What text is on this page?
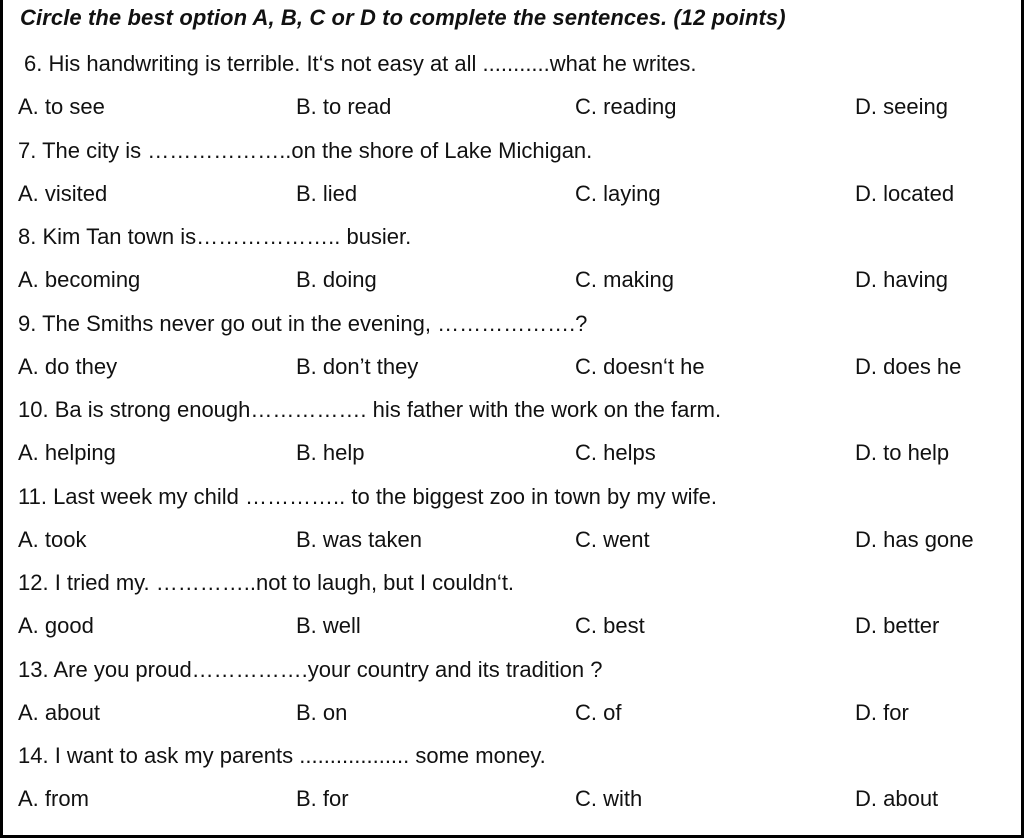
Circle the best option A, B, C or D to complete the sentences. (12 points)
6. His handwriting is terrible. It‘s not easy at all ...........what he writes.
A. to see	B. to read	C. reading	D. seeing
7. The city is ………………..on the shore of Lake Michigan.
A. visited	B. lied	C. laying	D. located
8. Kim Tan town is……………….. busier.
A. becoming	B. doing	C. making	D. having
9. The Smiths never go out in the evening, ……………….?
A. do they	B. don’t they	C. doesn‘t he	D. does he
10. Ba is strong enough……………. his father with the work on the farm.
A. helping	B. help	C. helps	D. to help
11. Last week my child ………….. to the biggest zoo in town by my wife.
A. took	B. was taken	C. went	D. has gone
12. I tried my. …………..not to laugh, but I couldn‘t.
A. good	B. well	C. best	D. better
13. Are you proud…………….your country and its tradition ?
A. about	B. on	C. of	D. for
14. I want to ask my parents .................. some money.
A. from	B. for	C. with	D. about
